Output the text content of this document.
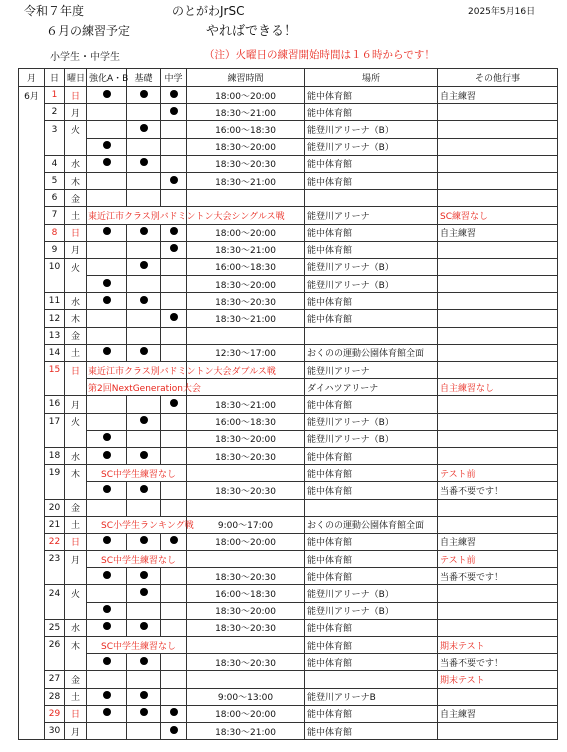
令和７年度	のとがわJrSC	2025年5月16日
６月の練習予定	やればできる！
小学生・中学生	（注）火曜日の練習開始時間は１６時からです！
月	日	曜日	強化A・B	基礎	中学	練習時間	場所	その他行事
6月	1	日				18:00～20:00	能中体育館	自主練習
	2	月				18:30～21:00	能中体育館	
	3	火				16:00～18:30	能登川アリーナ（B）	
						18:30～20:00	能登川アリーナ（B）	
	4	水				18:30～20:30	能中体育館	
	5	木				18:30～21:00	能中体育館	
	6	金						
	7	土	東近江市クラス別バドミントン大会シングルス戦				能登川アリーナ	SC練習なし
	8	日				18:00～20:00	能中体育館	自主練習
	9	月				18:30～21:00	能中体育館	
	10	火				16:00～18:30	能登川アリーナ（B）	
						18:30～20:00	能登川アリーナ（B）	
	11	水				18:30～20:30	能中体育館	
	12	木				18:30～21:00	能中体育館	
	13	金						
	14	土				12:30～17:00	おくのの運動公園体育館全面	
	15	日	東近江市クラス別バドミントン大会ダブルス戦				能登川アリーナ	
			第2回NextGeneration大会				ダイハツアリーナ	自主練習なし
	16	月				18:30～21:00	能中体育館	
	17	火				16:00～18:30	能登川アリーナ（B）	
						18:30～20:00	能登川アリーナ（B）	
	18	水				18:30～20:30	能中体育館	
	19	木	SC中学生練習なし				能中体育館	テスト前
						18:30～20:30	能中体育館	当番不要です！
	20	金						
	21	土	SC小学生ランキング戦			9:00～17:00	おくのの運動公園体育館全面	
	22	日				18:00～20:00	能中体育館	自主練習
	23	月	SC中学生練習なし				能中体育館	テスト前
						18:30～20:30	能中体育館	当番不要です！
	24	火				16:00～18:30	能登川アリーナ（B）	
						18:30～20:00	能登川アリーナ（B）	
	25	水				18:30～20:30	能中体育館	
	26	木	SC中学生練習なし				能中体育館	期末テスト
						18:30～20:30	能中体育館	当番不要です！
	27	金						期末テスト
	28	土				9:00～13:00	能登川アリーナB	
	29	日				18:00～20:00	能中体育館	自主練習
	30	月				18:30～21:00	能中体育館	
